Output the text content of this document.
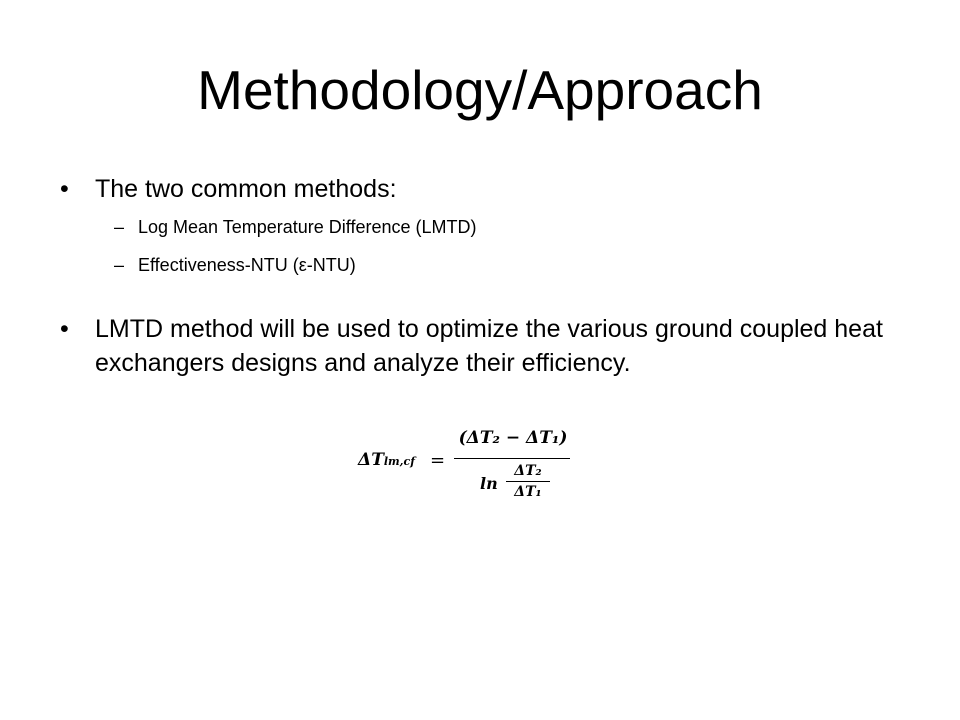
Methodology/Approach
• The two common methods:
– Log Mean Temperature Difference (LMTD)
– Effectiveness-NTU (ε-NTU)
• LMTD method will be used to optimize the various ground coupled heat exchangers designs and analyze their efficiency.
ΔTlm,cf =
(ΔT₂ − ΔT₁)
ln
ΔT₂
ΔT₁
